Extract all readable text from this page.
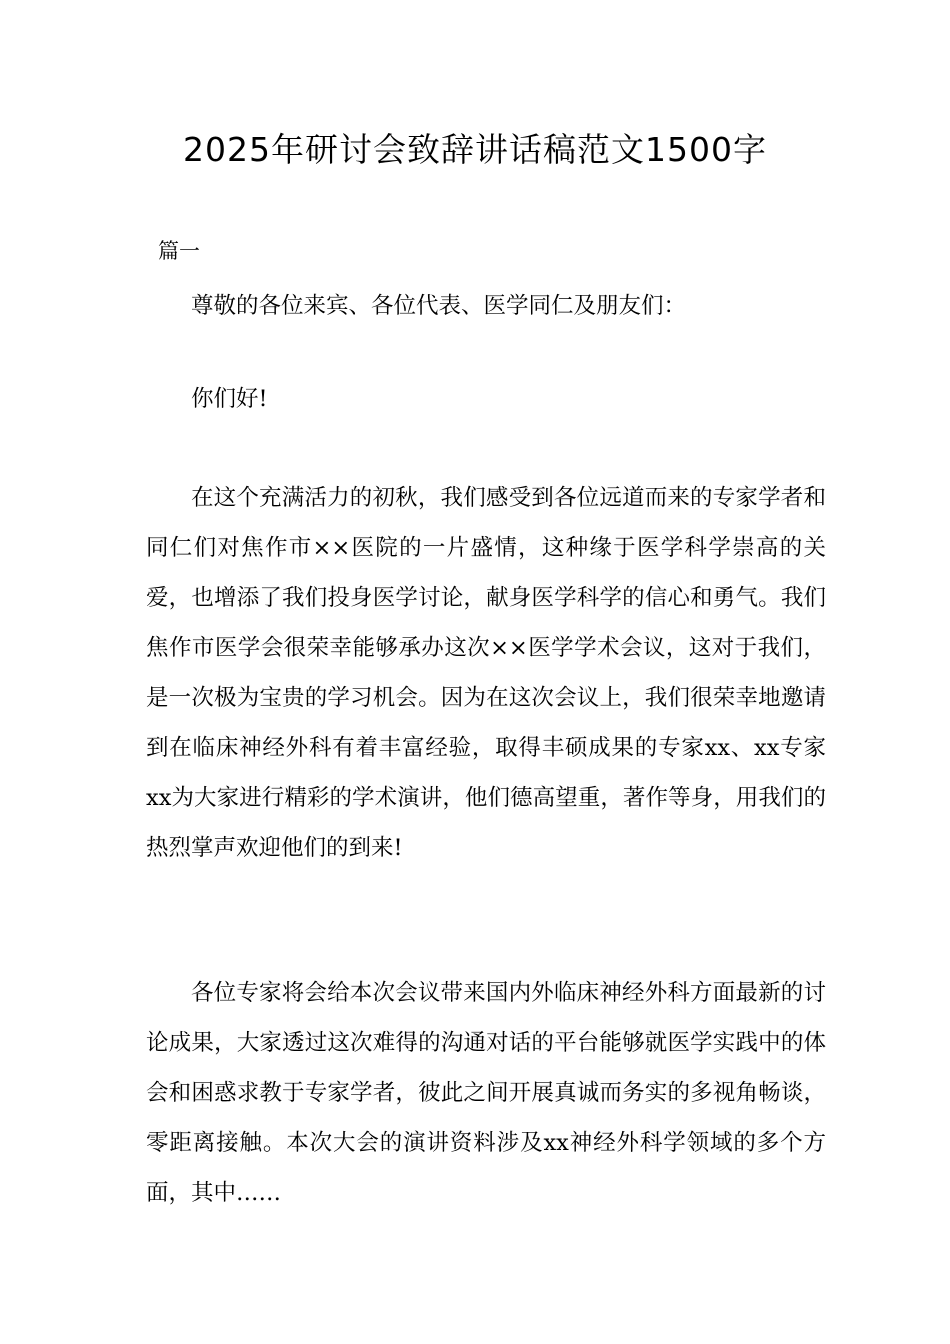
2025年研讨会致辞讲话稿范文1500字
篇一

尊敬的各位来宾、各位代表、医学同仁及朋友们：

你们好!

在这个充满活力的初秋，我们感受到各位远道而来的专家学者和同仁们对焦作市××医院的一片盛情，这种缘于医学科学崇高的关爱，也增添了我们投身医学讨论，献身医学科学的信心和勇气。我们焦作市医学会很荣幸能够承办这次××医学学术会议，这对于我们，是一次极为宝贵的学习机会。因为在这次会议上，我们很荣幸地邀请到在临床神经外科有着丰富经验，取得丰硕成果的专家xx、xx专家xx为大家进行精彩的学术演讲，他们德高望重，著作等身，用我们的热烈掌声欢迎他们的到来!

各位专家将会给本次会议带来国内外临床神经外科方面最新的讨论成果，大家透过这次难得的沟通对话的平台能够就医学实践中的体会和困惑求教于专家学者，彼此之间开展真诚而务实的多视角畅谈，零距离接触。本次大会的演讲资料涉及xx神经外科学领域的多个方面，其中……
